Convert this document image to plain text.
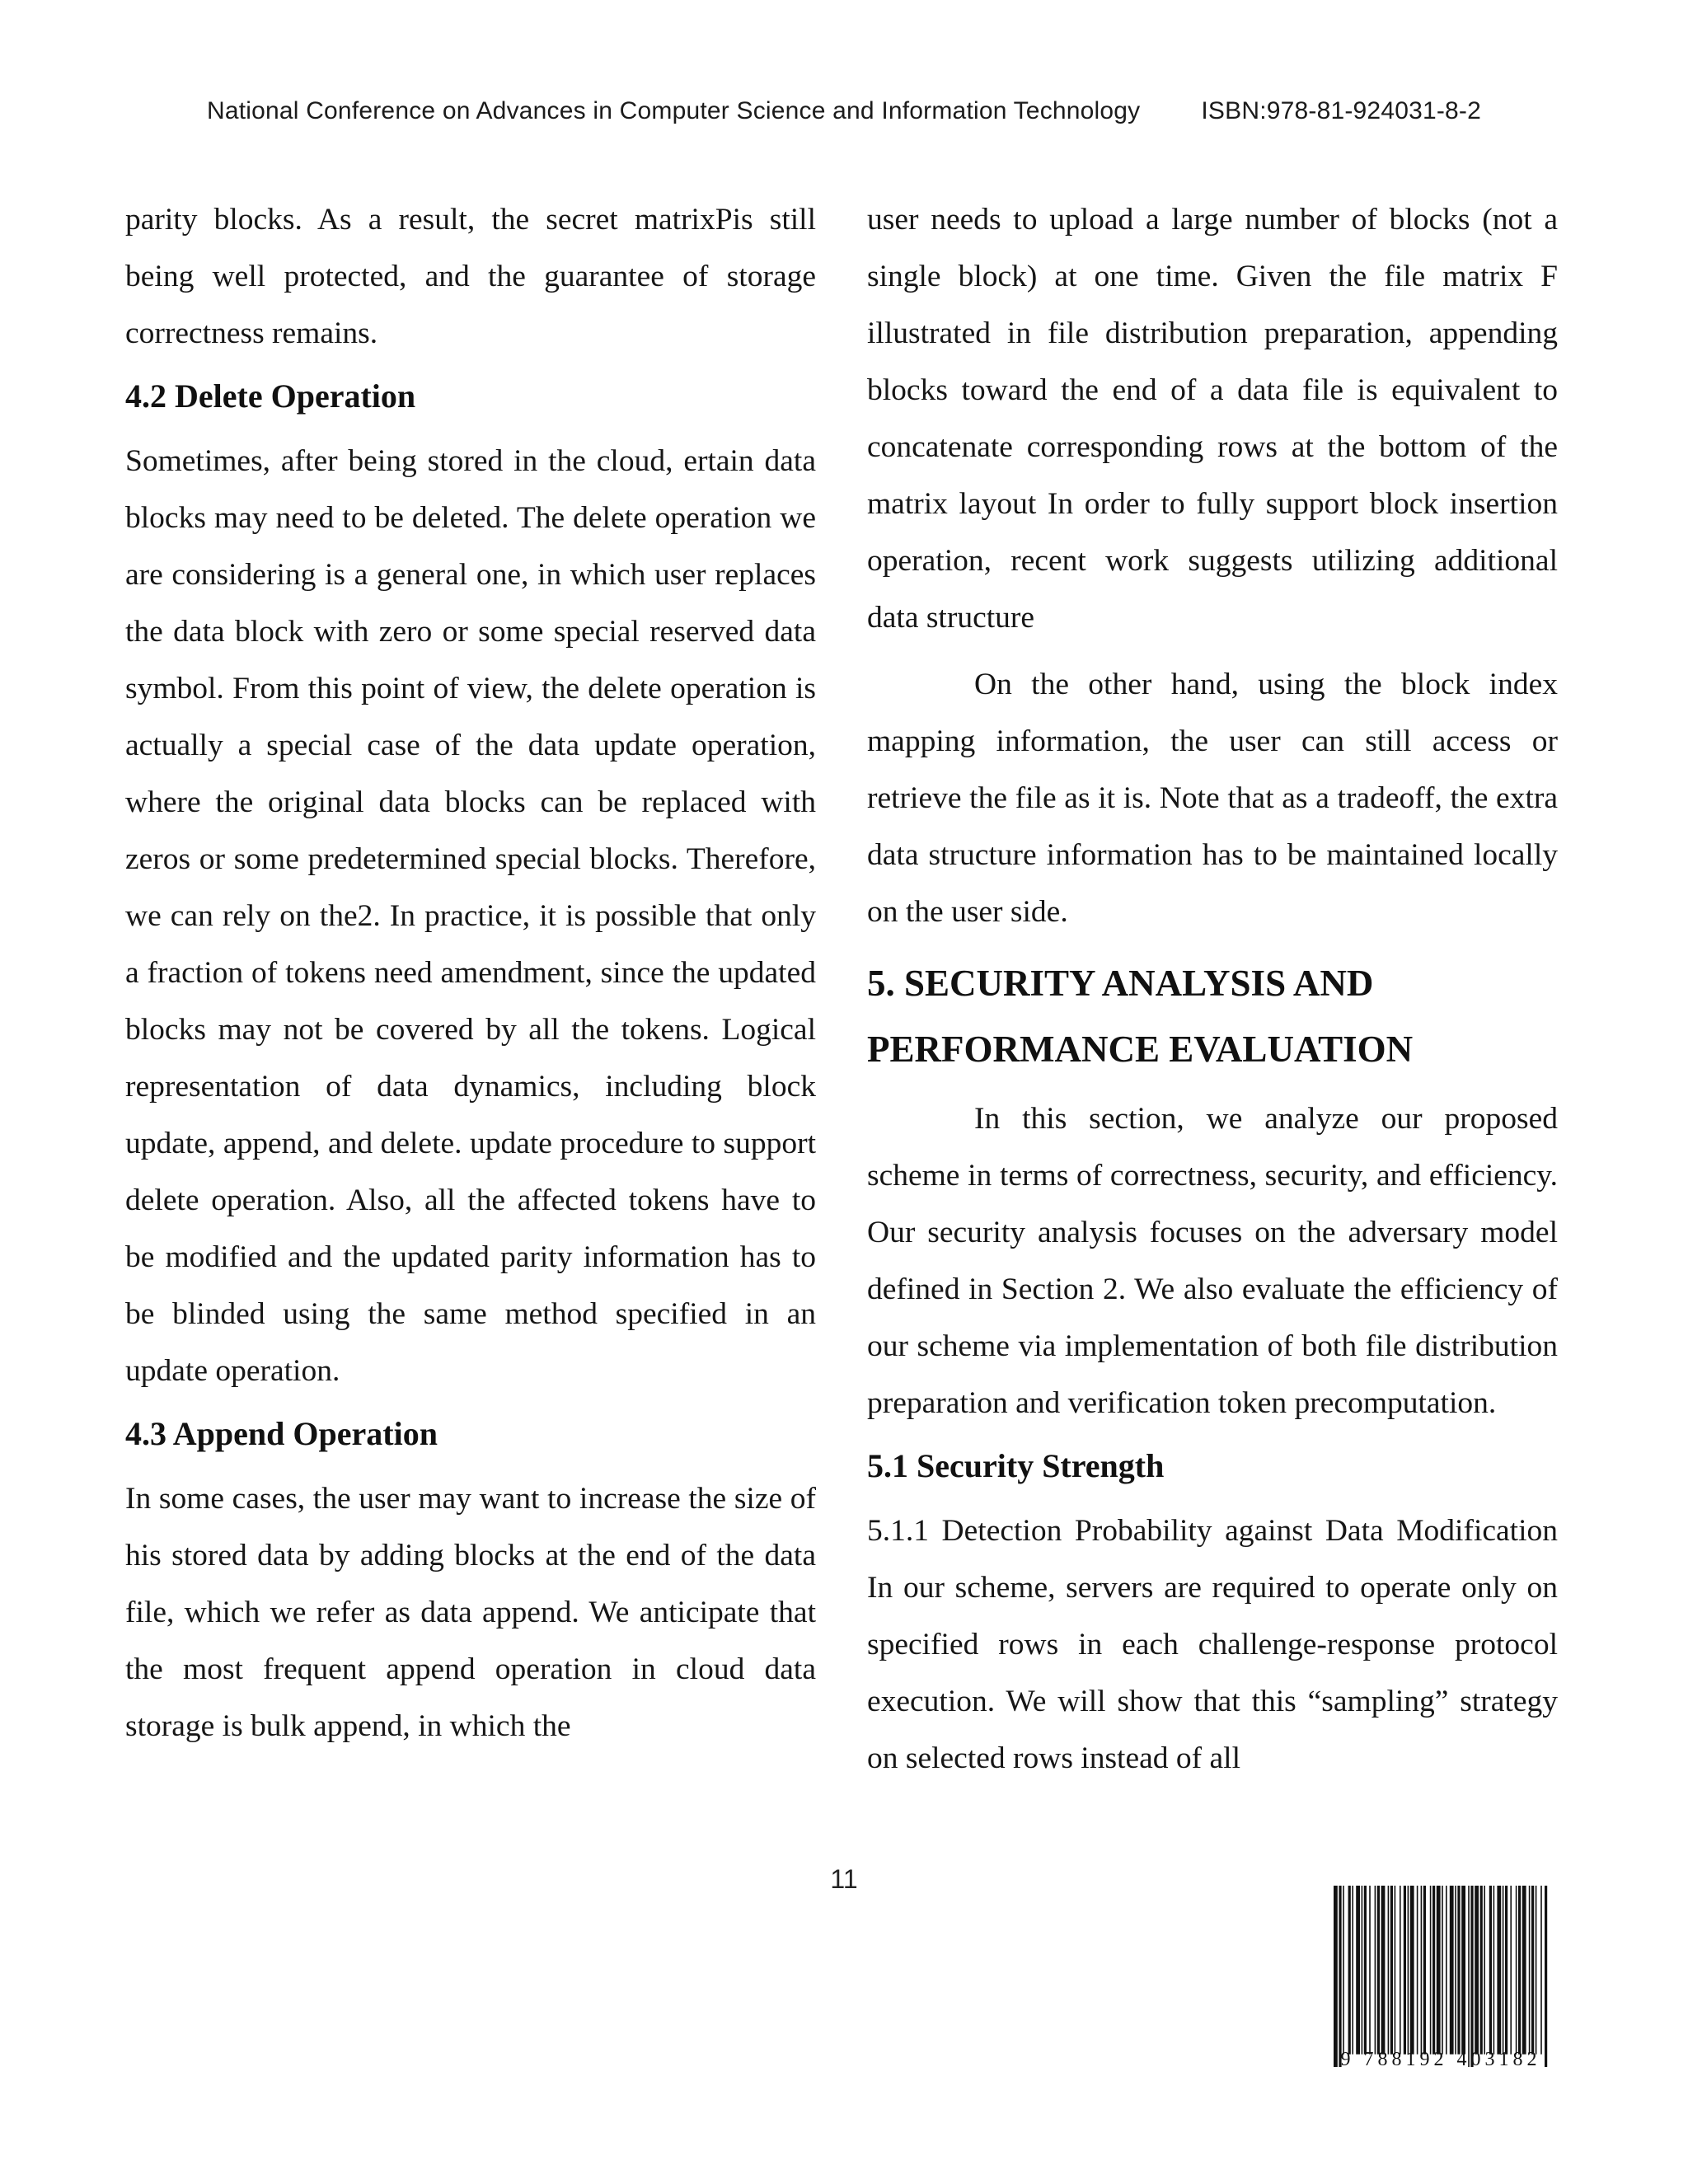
National Conference on Advances in Computer Science and Information Technology ISBN:978-81-924031-8-2

parity blocks. As a result, the secret matrixPis still being well protected, and the guarantee of storage correctness remains.

4.2 Delete Operation

Sometimes, after being stored in the cloud, ertain data blocks may need to be deleted. The delete operation we are considering is a general one, in which user replaces the data block with zero or some special reserved data symbol. From this point of view, the delete operation is actually a special case of the data update operation, where the original data blocks can be replaced with zeros or some predetermined special blocks. Therefore, we can rely on the2. In practice, it is possible that only a fraction of tokens need amendment, since the updated blocks may not be covered by all the tokens. Logical representation of data dynamics, including block update, append, and delete. update procedure to support delete operation. Also, all the affected tokens have to be modified and the updated parity information has to be blinded using the same method specified in an update operation.

4.3 Append Operation

In some cases, the user may want to increase the size of his stored data by adding blocks at the end of the data file, which we refer as data append. We anticipate that the most frequent append operation in cloud data storage is bulk append, in which the

user needs to upload a large number of blocks (not a single block) at one time. Given the file matrix F illustrated in file distribution preparation, appending blocks toward the end of a data file is equivalent to concatenate corresponding rows at the bottom of the matrix layout In order to fully support block insertion operation, recent work suggests utilizing additional data structure

On the other hand, using the block index mapping information, the user can still access or retrieve the file as it is. Note that as a tradeoff, the extra data structure information has to be maintained locally on the user side.

5. SECURITY ANALYSIS AND
PERFORMANCE EVALUATION

In this section, we analyze our proposed scheme in terms of correctness, security, and efficiency. Our security analysis focuses on the adversary model defined in Section 2. We also evaluate the efficiency of our scheme via implementation of both file distribution preparation and verification token precomputation.

5.1 Security Strength

5.1.1 Detection Probability against Data Modification In our scheme, servers are required to operate only on specified rows in each challenge-response protocol execution. We will show that this “sampling” strategy on selected rows instead of all

11
9 788192 403182
